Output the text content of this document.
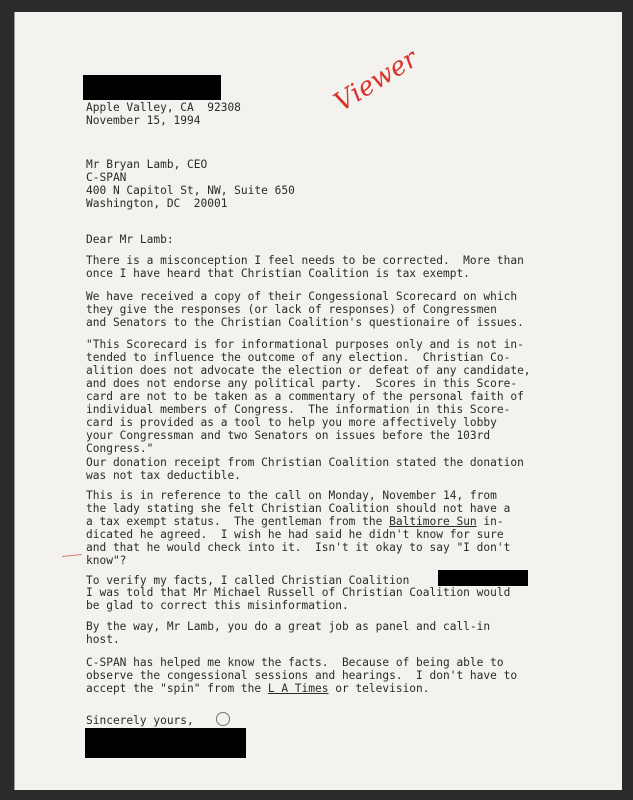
Apple Valley, CA  92308
November 15, 1994
Viewer
Mr Bryan Lamb, CEO
C-SPAN
400 N Capitol St, NW, Suite 650
Washington, DC  20001
Dear Mr Lamb:
There is a misconception I feel needs to be corrected.  More than
once I have heard that Christian Coalition is tax exempt.
We have received a copy of their Congessional Scorecard on which
they give the responses (or lack of responses) of Congressmen
and Senators to the Christian Coalition's questionaire of issues.
"This Scorecard is for informational purposes only and is not in-
tended to influence the outcome of any election.  Christian Co-
alition does not advocate the election or defeat of any candidate,
and does not endorse any political party.  Scores in this Score-
card are not to be taken as a commentary of the personal faith of
individual members of Congress.  The information in this Score-
card is provided as a tool to help you more affectively lobby
your Congressman and two Senators on issues before the 103rd
Congress."
Our donation receipt from Christian Coalition stated the donation
was not tax deductible.
This is in reference to the call on Monday, November 14, from
the lady stating she felt Christian Coalition should not have a
a tax exempt status.  The gentleman from the Baltimore Sun in-
dicated he agreed.  I wish he had said he didn't know for sure
and that he would check into it.  Isn't it okay to say "I don't
know"?
To verify my facts, I called Christian Coalition
I was told that Mr Michael Russell of Christian Coalition would
be glad to correct this misinformation.
By the way, Mr Lamb, you do a great job as panel and call-in
host.
C-SPAN has helped me know the facts.  Because of being able to
observe the congessional sessions and hearings.  I don't have to
accept the "spin" from the L A Times or television.
Sincerely yours,
